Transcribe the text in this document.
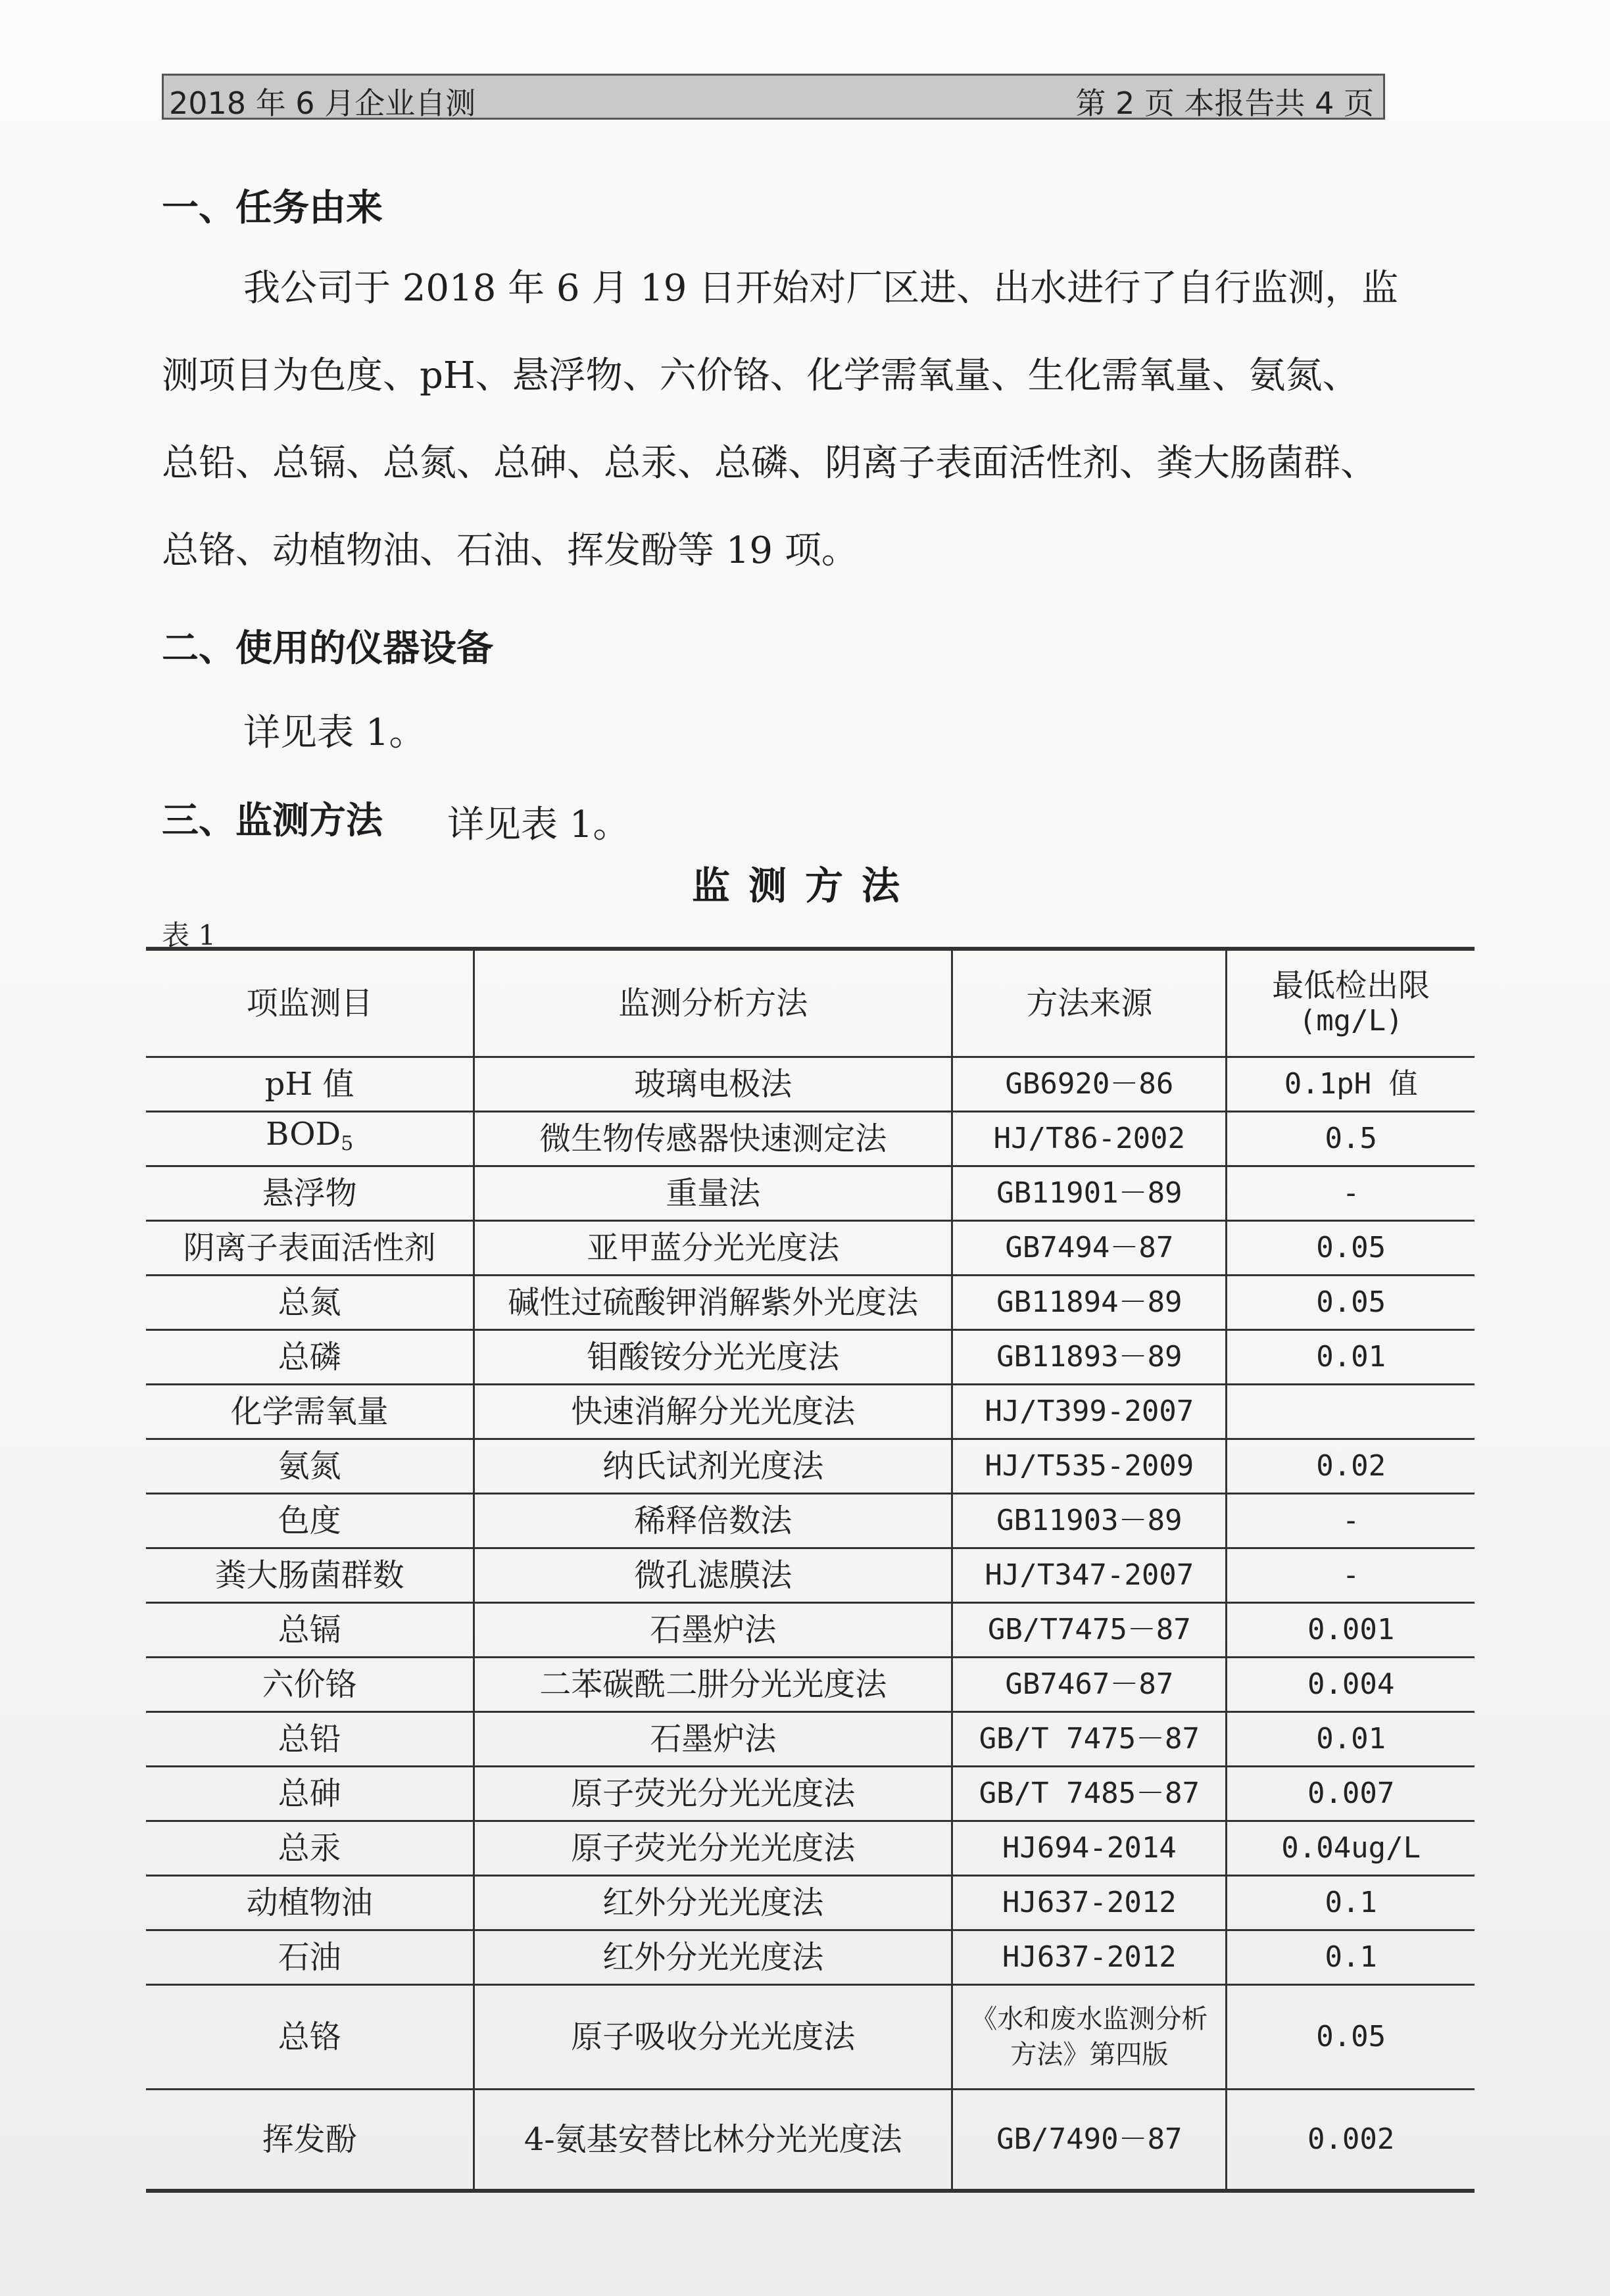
2018 年 6 月企业自测	第 2 页 本报告共 4 页
一、任务由来
我公司于 2018 年 6 月 19 日开始对厂区进、出水进行了自行监测，监
测项目为色度、pH、悬浮物、六价铬、化学需氧量、生化需氧量、氨氮、
总铅、总镉、总氮、总砷、总汞、总磷、阴离子表面活性剂、粪大肠菌群、
总铬、动植物油、石油、挥发酚等 19 项。
二、使用的仪器设备
详见表 1。
三、监测方法 详见表 1。
监测方法
表 1
项监测目	监测分析方法	方法来源	最低检出限
(mg/L)

pH 值	玻璃电极法	GB6920－86	0.1pH 值
$BOD_5$	微生物传感器快速测定法	HJ/T86-2002	0.5
悬浮物	重量法	GB11901－89	-
阴离子表面活性剂	亚甲蓝分光光度法	GB7494－87	0.05
总氮	碱性过硫酸钾消解紫外光度法	GB11894－89	0.05
总磷	钼酸铵分光光度法	GB11893－89	0.01
化学需氧量	快速消解分光光度法	HJ/T399-2007	
氨氮	纳氏试剂光度法	HJ/T535-2009	0.02
色度	稀释倍数法	GB11903－89	-
粪大肠菌群数	微孔滤膜法	HJ/T347-2007	-
总镉	石墨炉法	GB/T7475－87	0.001
六价铬	二苯碳酰二肼分光光度法	GB7467－87	0.004
总铅	石墨炉法	GB/T 7475－87	0.01
总砷	原子荧光分光光度法	GB/T 7485－87	0.007
总汞	原子荧光分光光度法	HJ694-2014	0.04ug/L
动植物油	红外分光光度法	HJ637-2012	0.1
石油	红外分光光度法	HJ637-2012	0.1
总铬	原子吸收分光光度法	《水和废水监测分析
方法》第四版	0.05
挥发酚	4-氨基安替比林分光光度法	GB/7490－87	0.002
